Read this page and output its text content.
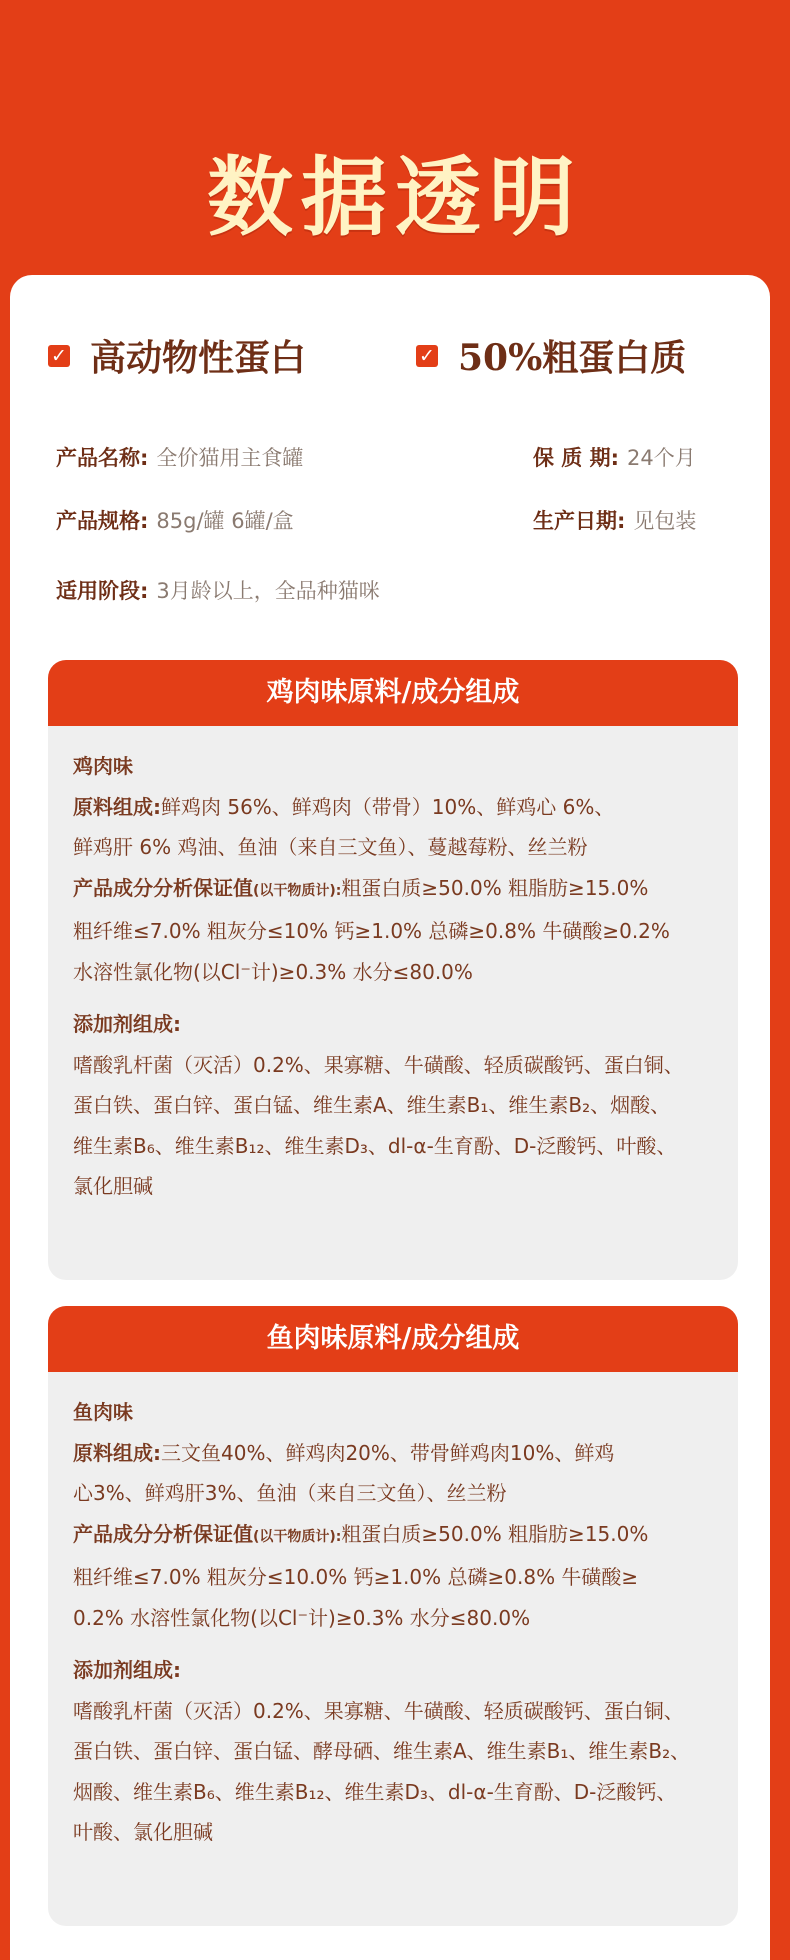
数据透明
✓ 高动物性蛋白	✓ 50%粗蛋白质
产品名称: 全价猫用主食罐	保 质 期: 24个月
产品规格: 85g/罐 6罐/盒	生产日期: 见包装
适用阶段: 3月龄以上，全品种猫咪
鸡肉味原料/成分组成
鸡肉味
原料组成:鲜鸡肉 56%、鲜鸡肉（带骨）10%、鲜鸡心 6%、
鲜鸡肝 6% 鸡油、鱼油（来自三文鱼）、蔓越莓粉、丝兰粉
产品成分分析保证值(以干物质计):粗蛋白质≥50.0% 粗脂肪≥15.0%
粗纤维≤7.0% 粗灰分≤10% 钙≥1.0% 总磷≥0.8% 牛磺酸≥0.2%
水溶性氯化物(以Cl⁻计)≥0.3% 水分≤80.0%
添加剂组成:
嗜酸乳杆菌（灭活）0.2%、果寡糖、牛磺酸、轻质碳酸钙、蛋白铜、
蛋白铁、蛋白锌、蛋白锰、维生素A、维生素B₁、维生素B₂、烟酸、
维生素B₆、维生素B₁₂、维生素D₃、dl-α-生育酚、D-泛酸钙、叶酸、
氯化胆碱
鱼肉味原料/成分组成
鱼肉味
原料组成:三文鱼40%、鲜鸡肉20%、带骨鲜鸡肉10%、鲜鸡
心3%、鲜鸡肝3%、鱼油（来自三文鱼）、丝兰粉
产品成分分析保证值(以干物质计):粗蛋白质≥50.0% 粗脂肪≥15.0%
粗纤维≤7.0% 粗灰分≤10.0% 钙≥1.0% 总磷≥0.8% 牛磺酸≥
0.2% 水溶性氯化物(以Cl⁻计)≥0.3% 水分≤80.0%
添加剂组成:
嗜酸乳杆菌（灭活）0.2%、果寡糖、牛磺酸、轻质碳酸钙、蛋白铜、
蛋白铁、蛋白锌、蛋白锰、酵母硒、维生素A、维生素B₁、维生素B₂、
烟酸、维生素B₆、维生素B₁₂、维生素D₃、dl-α-生育酚、D-泛酸钙、
叶酸、氯化胆碱
